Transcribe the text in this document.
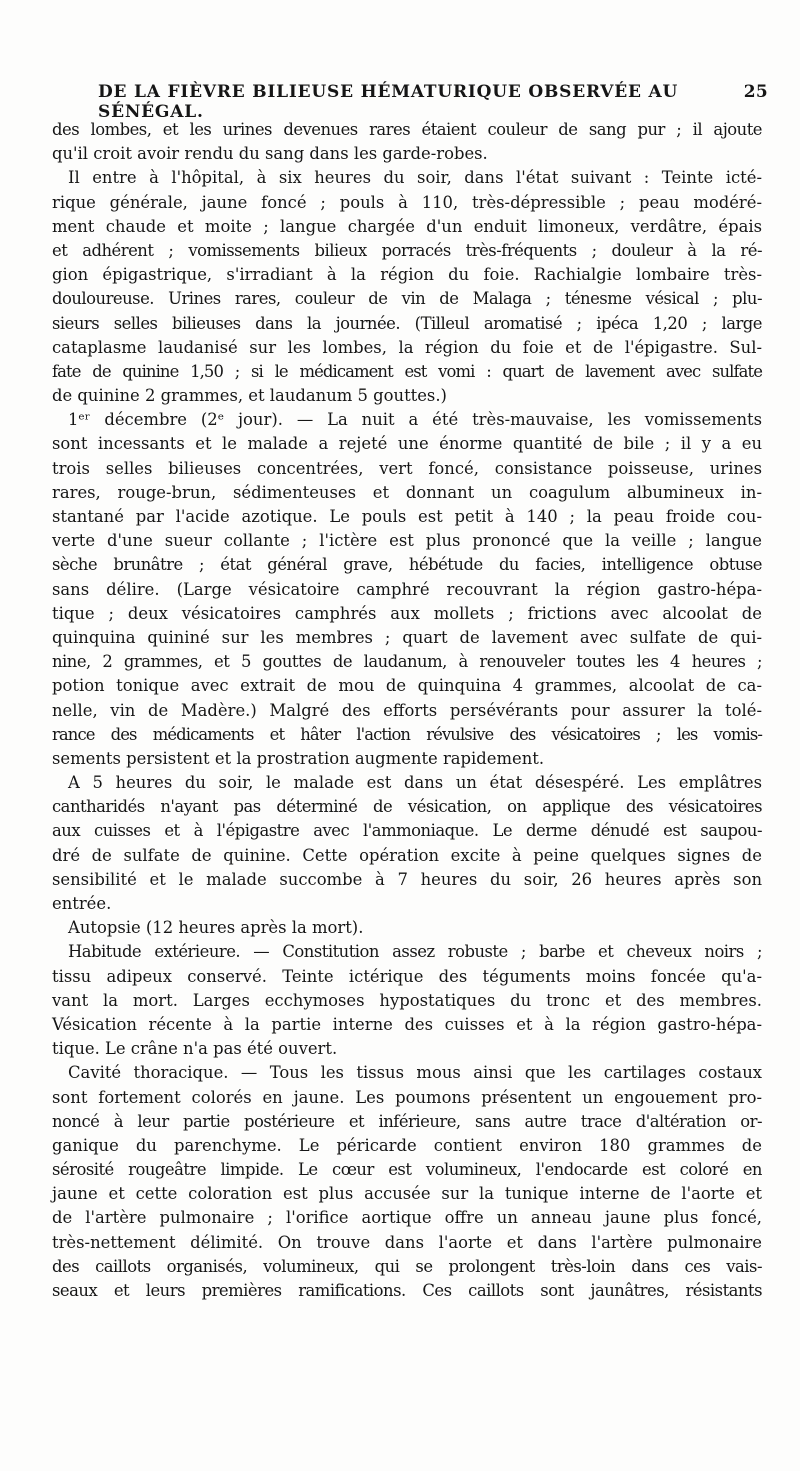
DE LA FIÈVRE BILIEUSE HÉMATURIQUE OBSERVÉE AU SÉNÉGAL.
25
des lombes, et les urines devenues rares étaient couleur de sang pur ; il ajoute
qu'il croit avoir rendu du sang dans les garde-robes.
Il entre à l'hôpital, à six heures du soir, dans l'état suivant : Teinte icté-
rique générale, jaune foncé ; pouls à 110, très-dépressible ; peau modéré-
ment chaude et moite ; langue chargée d'un enduit limoneux, verdâtre, épais
et adhérent ; vomissements bilieux porracés très-fréquents ; douleur à la ré-
gion épigastrique, s'irradiant à la région du foie. Rachialgie lombaire très-
douloureuse. Urines rares, couleur de vin de Malaga ; ténesme vésical ; plu-
sieurs selles bilieuses dans la journée. (Tilleul aromatisé ; ipéca 1,20 ; large
cataplasme laudanisé sur les lombes, la région du foie et de l'épigastre. Sul-
fate de quinine 1,50 ; si le médicament est vomi : quart de lavement avec sulfate
de quinine 2 grammes, et laudanum 5 gouttes.)
1ᵉʳ décembre (2ᵉ jour). — La nuit a été très-mauvaise, les vomissements
sont incessants et le malade a rejeté une énorme quantité de bile ; il y a eu
trois selles bilieuses concentrées, vert foncé, consistance poisseuse, urines
rares, rouge-brun, sédimenteuses et donnant un coagulum albumineux in-
stantané par l'acide azotique. Le pouls est petit à 140 ; la peau froide cou-
verte d'une sueur collante ; l'ictère est plus prononcé que la veille ; langue
sèche brunâtre ; état général grave, hébétude du facies, intelligence obtuse
sans délire. (Large vésicatoire camphré recouvrant la région gastro-hépa-
tique ; deux vésicatoires camphrés aux mollets ; frictions avec alcoolat de
quinquina quininé sur les membres ; quart de lavement avec sulfate de qui-
nine, 2 grammes, et 5 gouttes de laudanum, à renouveler toutes les 4 heures ;
potion tonique avec extrait de mou de quinquina 4 grammes, alcoolat de ca-
nelle, vin de Madère.) Malgré des efforts persévérants pour assurer la tolé-
rance des médicaments et hâter l'action révulsive des vésicatoires ; les vomis-
sements persistent et la prostration augmente rapidement.
A 5 heures du soir, le malade est dans un état désespéré. Les emplâtres
cantharidés n'ayant pas déterminé de vésication, on applique des vésicatoires
aux cuisses et à l'épigastre avec l'ammoniaque. Le derme dénudé est saupou-
dré de sulfate de quinine. Cette opération excite à peine quelques signes de
sensibilité et le malade succombe à 7 heures du soir, 26 heures après son
entrée.
Autopsie (12 heures après la mort).
Habitude extérieure. — Constitution assez robuste ; barbe et cheveux noirs ;
tissu adipeux conservé. Teinte ictérique des téguments moins foncée qu'a-
vant la mort. Larges ecchymoses hypostatiques du tronc et des membres.
Vésication récente à la partie interne des cuisses et à la région gastro-hépa-
tique. Le crâne n'a pas été ouvert.
Cavité thoracique. — Tous les tissus mous ainsi que les cartilages costaux
sont fortement colorés en jaune. Les poumons présentent un engouement pro-
noncé à leur partie postérieure et inférieure, sans autre trace d'altération or-
ganique du parenchyme. Le péricarde contient environ 180 grammes de
sérosité rougeâtre limpide. Le cœur est volumineux, l'endocarde est coloré en
jaune et cette coloration est plus accusée sur la tunique interne de l'aorte et
de l'artère pulmonaire ; l'orifice aortique offre un anneau jaune plus foncé,
très-nettement délimité. On trouve dans l'aorte et dans l'artère pulmonaire
des caillots organisés, volumineux, qui se prolongent très-loin dans ces vais-
seaux et leurs premières ramifications. Ces caillots sont jaunâtres, résistants
